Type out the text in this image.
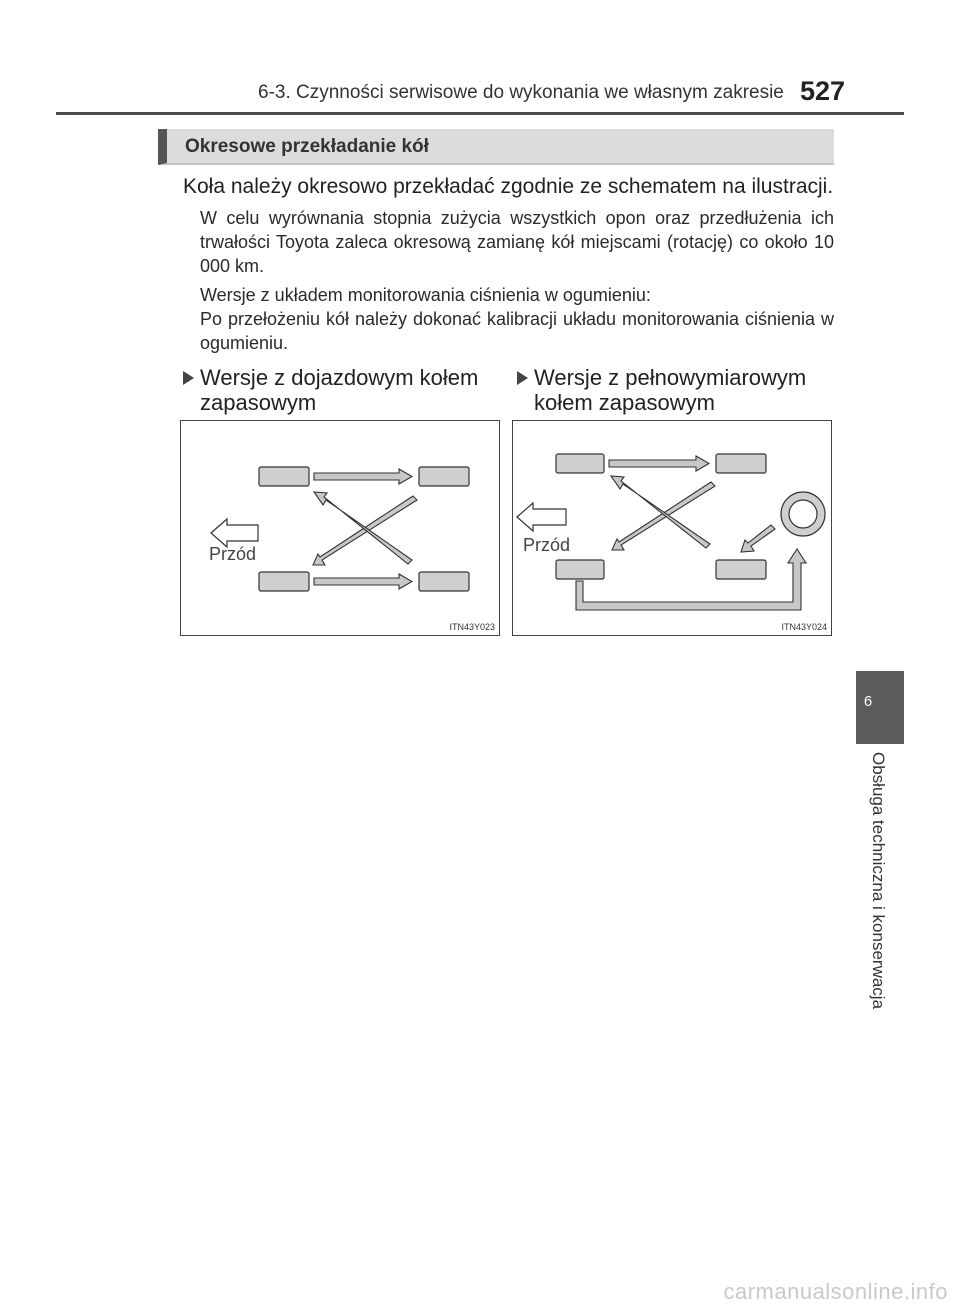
6-3. Czynności serwisowe do wykonania we własnym zakresie 527
Okresowe przekładanie kół
Koła należy okresowo przekładać zgodnie ze schematem na ilustracji.

W celu wyrównania stopnia zużycia wszystkich opon oraz przedłużenia ich trwałości Toyota zaleca okresową zamianę kół miejscami (rotację) co około 10 000 km.

Wersje z układem monitorowania ciśnienia w ogumieniu:

Po przełożeniu kół należy dokonać kalibracji układu monitorowania ciśnienia w ogumieniu.

Wersje z dojazdowym kołem zapasowym
Wersje z pełnowymiarowym kołem zapasowym
Przód
ITN43Y023
Przód
ITN43Y024
6
Obsługa techniczna i konserwacja
carmanualsonline.info
